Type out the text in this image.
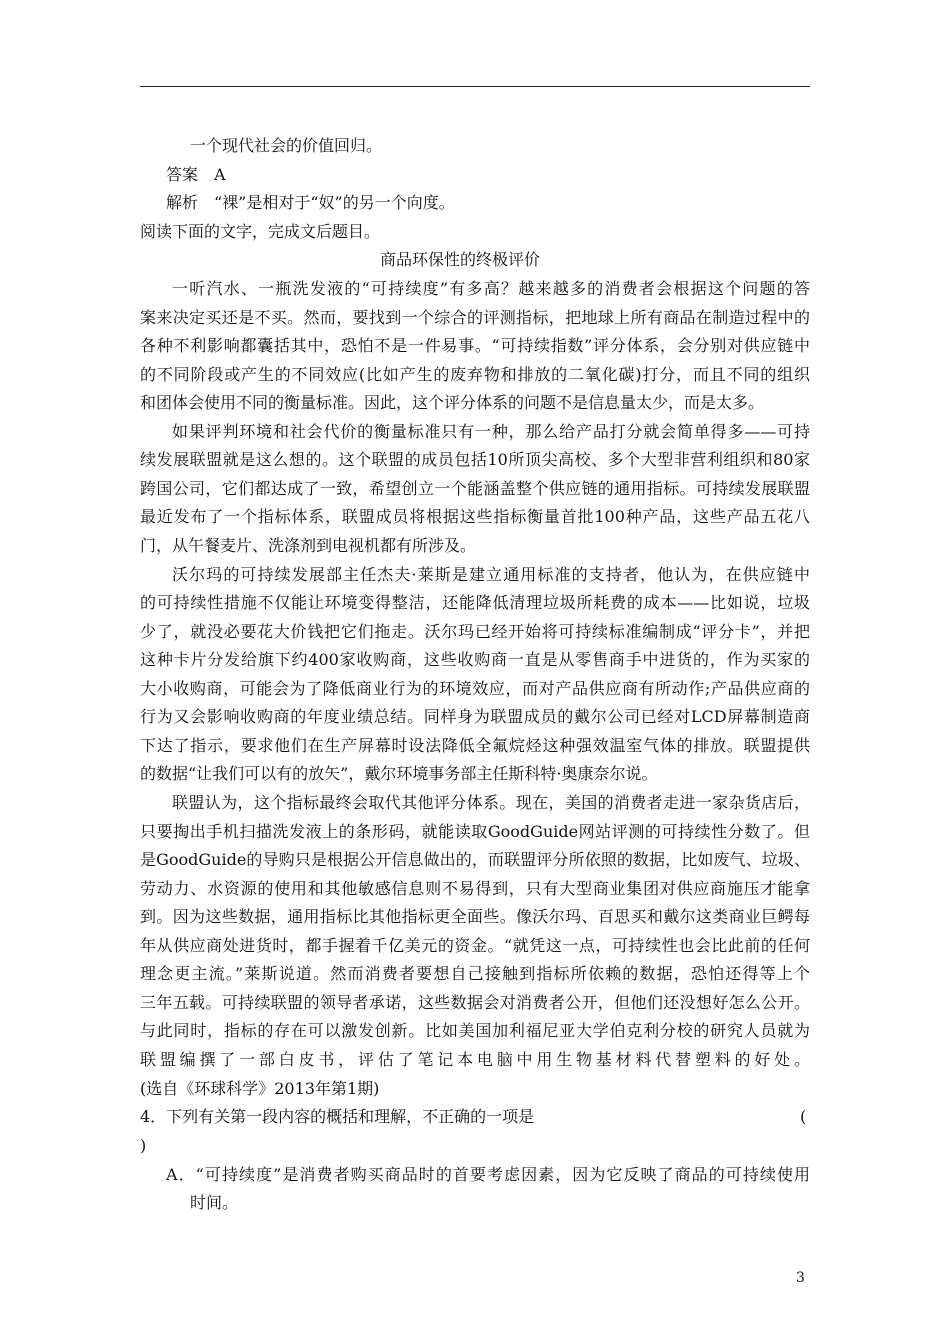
一个现代社会的价值回归。
答案　A
解析　“裸”是相对于“奴”的另一个向度。
阅读下面的文字，完成文后题目。
商品环保性的终极评价
一听汽水、一瓶洗发液的“可持续度”有多高？越来越多的消费者会根据这个问题的答
案来决定买还是不买。然而，要找到一个综合的评测指标，把地球上所有商品在制造过程中的
各种不利影响都囊括其中，恐怕不是一件易事。“可持续指数”评分体系，会分别对供应链中
的不同阶段或产生的不同效应(比如产生的废弃物和排放的二氧化碳)打分，而且不同的组织
和团体会使用不同的衡量标准。因此，这个评分体系的问题不是信息量太少，而是太多。
如果评判环境和社会代价的衡量标准只有一种，那么给产品打分就会简单得多——可持
续发展联盟就是这么想的。这个联盟的成员包括10所顶尖高校、多个大型非营利组织和80家
跨国公司，它们都达成了一致，希望创立一个能涵盖整个供应链的通用指标。可持续发展联盟
最近发布了一个指标体系，联盟成员将根据这些指标衡量首批100种产品，这些产品五花八
门，从午餐麦片、洗涤剂到电视机都有所涉及。
沃尔玛的可持续发展部主任杰夫·莱斯是建立通用标准的支持者，他认为，在供应链中
的可持续性措施不仅能让环境变得整洁，还能降低清理垃圾所耗费的成本——比如说，垃圾
少了，就没必要花大价钱把它们拖走。沃尔玛已经开始将可持续标准编制成“评分卡”，并把
这种卡片分发给旗下约400家收购商，这些收购商一直是从零售商手中进货的，作为买家的
大小收购商，可能会为了降低商业行为的环境效应，而对产品供应商有所动作;产品供应商的
行为又会影响收购商的年度业绩总结。同样身为联盟成员的戴尔公司已经对LCD屏幕制造商
下达了指示，要求他们在生产屏幕时设法降低全氟烷烃这种强效温室气体的排放。联盟提供
的数据“让我们可以有的放矢”，戴尔环境事务部主任斯科特·奥康奈尔说。
联盟认为，这个指标最终会取代其他评分体系。现在，美国的消费者走进一家杂货店后，
只要掏出手机扫描洗发液上的条形码，就能读取GoodGuide网站评测的可持续性分数了。但
是GoodGuide的导购只是根据公开信息做出的，而联盟评分所依照的数据，比如废气、垃圾、
劳动力、水资源的使用和其他敏感信息则不易得到，只有大型商业集团对供应商施压才能拿
到。因为这些数据，通用指标比其他指标更全面些。像沃尔玛、百思买和戴尔这类商业巨鳄每
年从供应商处进货时，都手握着千亿美元的资金。“就凭这一点，可持续性也会比此前的任何
理念更主流。”莱斯说道。然而消费者要想自己接触到指标所依赖的数据，恐怕还得等上个
三年五载。可持续联盟的领导者承诺，这些数据会对消费者公开，但他们还没想好怎么公开。
与此同时，指标的存在可以激发创新。比如美国加利福尼亚大学伯克利分校的研究人员就为
联盟编撰了一部白皮书，评估了笔记本电脑中用生物基材料代替塑料的好处。
(选自《环球科学》2013年第1期)
4．下列有关第一段内容的概括和理解，不正确的一项是	(
)
A．“可持续度”是消费者购买商品时的首要考虑因素，因为它反映了商品的可持续使用
时间。
3
